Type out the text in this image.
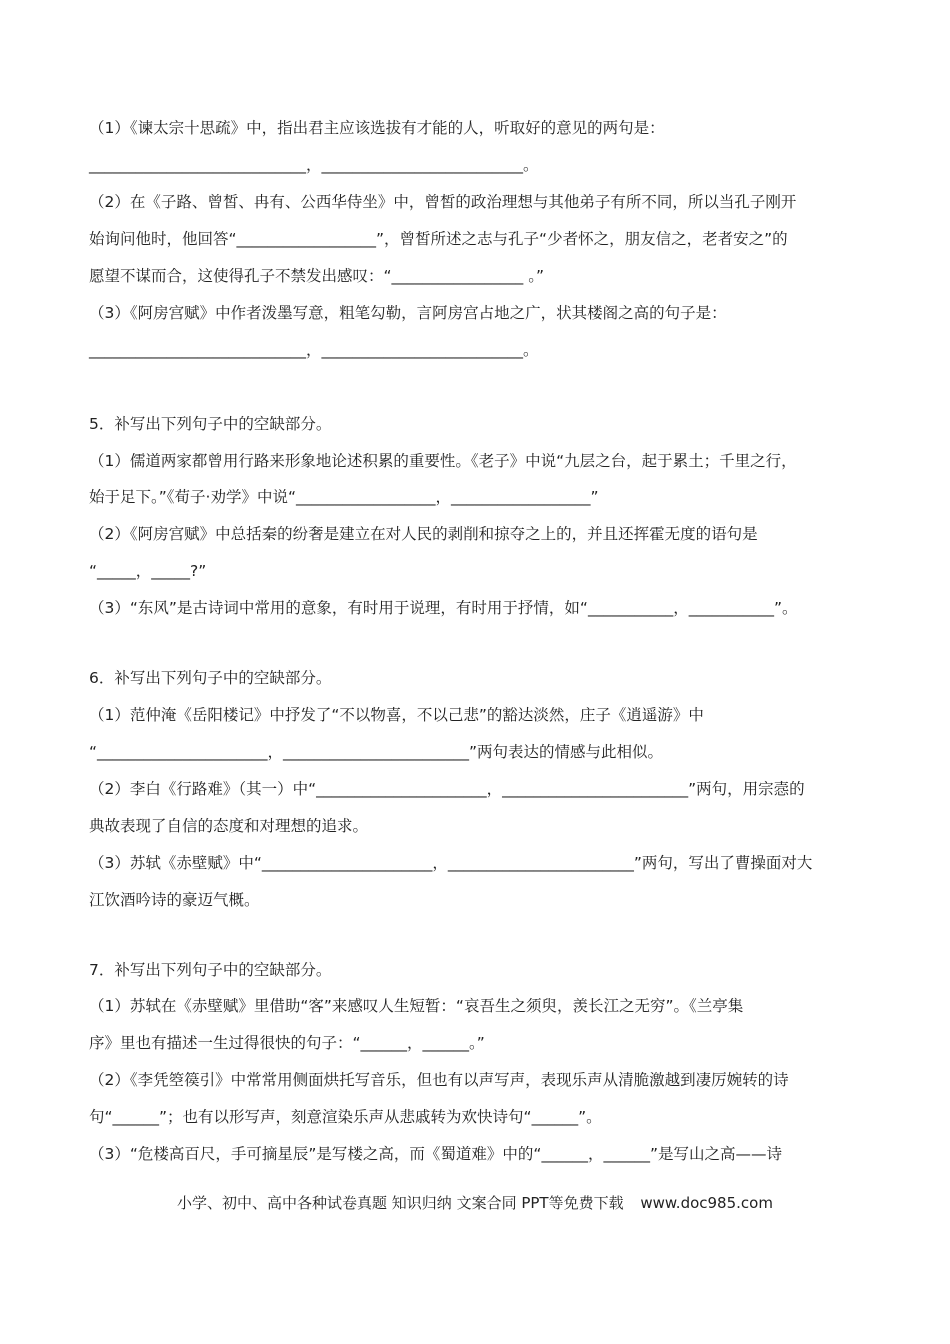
（1）《谏太宗十思疏》中，指出君主应该选拔有才能的人，听取好的意见的两句是：
____________________________，__________________________。
（2）在《子路、曾皙、冉有、公西华侍坐》中，曾皙的政治理想与其他弟子有所不同，所以当孔子刚开
始询问他时，他回答“__________________”，曾皙所述之志与孔子“少者怀之，朋友信之，老者安之”的
愿望不谋而合，这使得孔子不禁发出感叹：“_________________ 。”
（3）《阿房宫赋》中作者泼墨写意，粗笔勾勒，言阿房宫占地之广，状其楼阁之高的句子是：
____________________________，__________________________。
5．补写出下列句子中的空缺部分。
（1）儒道两家都曾用行路来形象地论述积累的重要性。《老子》中说“九层之台，起于累土；千里之行，
始于足下。”《荀子·劝学》中说“__________________，__________________”
（2）《阿房宫赋》中总括秦的纷奢是建立在对人民的剥削和掠夺之上的，并且还挥霍无度的语句是
“_____，_____?”
（3）“东风”是古诗词中常用的意象，有时用于说理，有时用于抒情，如“___________，___________”。
6．补写出下列句子中的空缺部分。
（1）范仲淹《岳阳楼记》中抒发了“不以物喜，不以己悲”的豁达淡然，庄子《逍遥游》中
“______________________，________________________”两句表达的情感与此相似。
（2）李白《行路难》（其一）中“______________________，________________________”两句，用宗悫的
典故表现了自信的态度和对理想的追求。
（3）苏轼《赤壁赋》中“______________________，________________________”两句，写出了曹操面对大
江饮酒吟诗的豪迈气概。
7．补写出下列句子中的空缺部分。
（1）苏轼在《赤壁赋》里借助“客”来感叹人生短暂：“哀吾生之须臾，羡长江之无穷”。《兰亭集
序》里也有描述一生过得很快的句子：“______，______。”
（2）《李凭箜篌引》中常常用侧面烘托写音乐，但也有以声写声，表现乐声从清脆激越到凄厉婉转的诗
句“______”；也有以形写声，刻意渲染乐声从悲戚转为欢快诗句“______”。
（3）“危楼高百尺，手可摘星辰”是写楼之高，而《蜀道难》中的“______，______”是写山之高——诗
小学、初中、高中各种试卷真题 知识归纳 文案合同 PPT等免费下载 www.doc985.com
